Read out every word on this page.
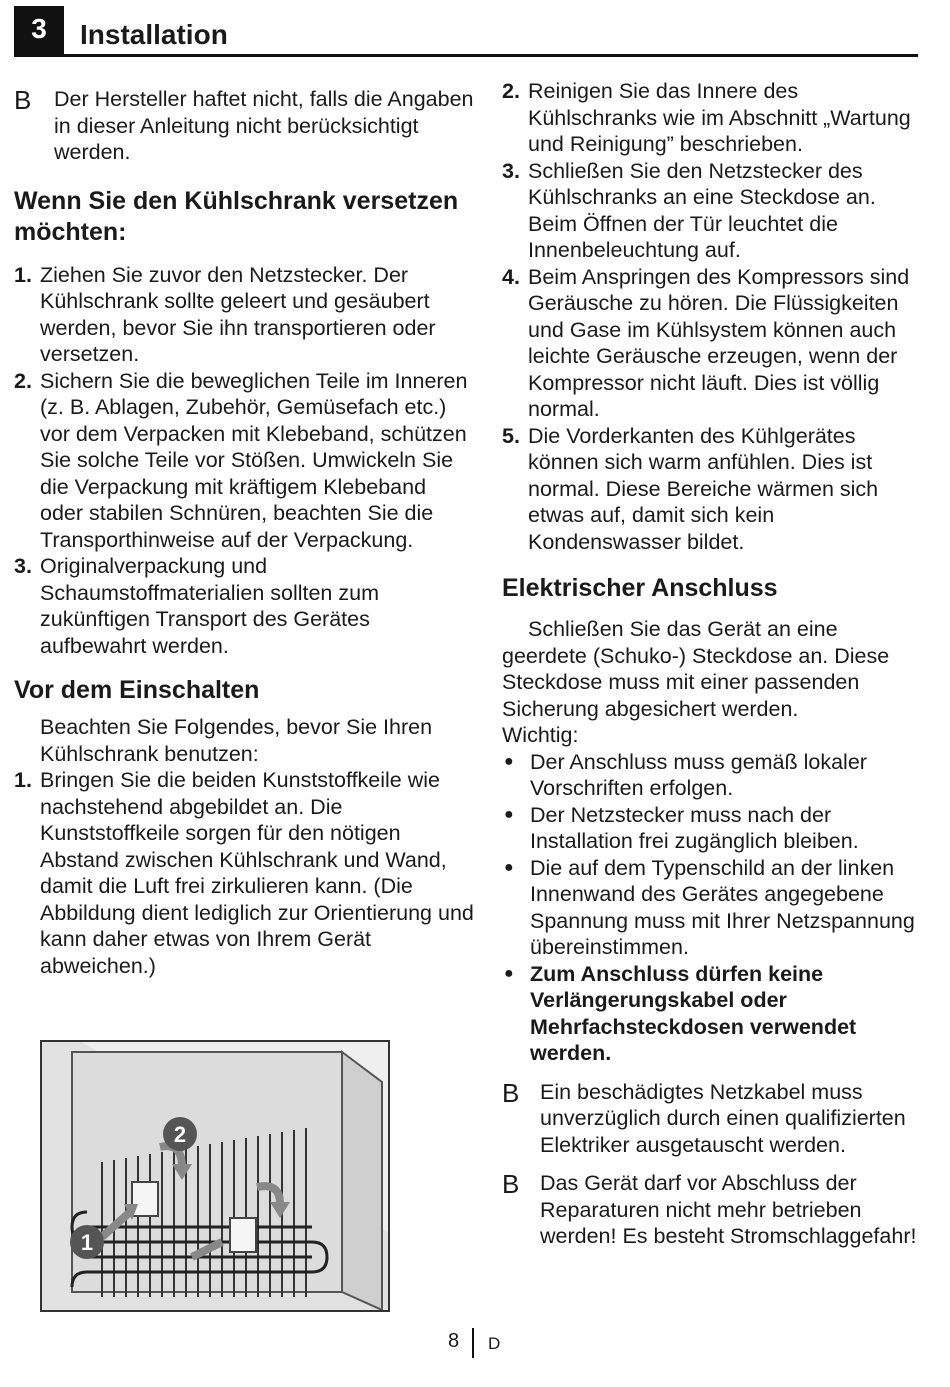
3	Installation
B	Der Hersteller haftet nicht, falls die Angaben in dieser Anleitung nicht berücksichtigt werden.

Wenn Sie den Kühlschrank versetzen möchten:
1. Ziehen Sie zuvor den Netzstecker. Der Kühlschrank sollte geleert und gesäubert werden, bevor Sie ihn transportieren oder versetzen.
2. Sichern Sie die beweglichen Teile im Inneren (z. B. Ablagen, Zubehör, Gemüsefach etc.) vor dem Verpacken mit Klebeband, schützen Sie solche Teile vor Stößen. Umwickeln Sie die Verpackung mit kräftigem Klebeband oder stabilen Schnüren, beachten Sie die Transporthinweise auf der Verpackung.
3. Originalverpackung und Schaumstoffmaterialien sollten zum zukünftigen Transport des Gerätes aufbewahrt werden.
Vor dem Einschalten

Beachten Sie Folgendes, bevor Sie Ihren Kühlschrank benutzen:

1. Bringen Sie die beiden Kunststoffkeile wie nachstehend abgebildet an. Die Kunststoffkeile sorgen für den nötigen Abstand zwischen Kühlschrank und Wand, damit die Luft frei zirkulieren kann. (Die Abbildung dient lediglich zur Orientierung und kann daher etwas von Ihrem Gerät abweichen.)
1
2
2. Reinigen Sie das Innere des Kühlschranks wie im Abschnitt „Wartung und Reinigung” beschrieben.
3. Schließen Sie den Netzstecker des Kühlschranks an eine Steckdose an. Beim Öffnen der Tür leuchtet die Innenbeleuchtung auf.
4. Beim Anspringen des Kompressors sind Geräusche zu hören. Die Flüssigkeiten und Gase im Kühlsystem können auch leichte Geräusche erzeugen, wenn der Kompressor nicht läuft. Dies ist völlig normal.
5. Die Vorderkanten des Kühlgerätes können sich warm anfühlen. Dies ist normal. Diese Bereiche wärmen sich etwas auf, damit sich kein Kondenswasser bildet.
Elektrischer Anschluss

Schließen Sie das Gerät an eine geerdete (Schuko-) Steckdose an. Diese Steckdose muss mit einer passenden Sicherung abgesichert werden.

Wichtig:

● Der Anschluss muss gemäß lokaler Vorschriften erfolgen.
● Der Netzstecker muss nach der Installation frei zugänglich bleiben.
● Die auf dem Typenschild an der linken Innenwand des Gerätes angegebene Spannung muss mit Ihrer Netzspannung übereinstimmen.
● Zum Anschluss dürfen keine Verlängerungskabel oder Mehrfachsteckdosen verwendet werden.
B Ein beschädigtes Netzkabel muss unverzüglich durch einen qualifizierten Elektriker ausgetauscht werden.
B Das Gerät darf vor Abschluss der Reparaturen nicht mehr betrieben werden! Es besteht Stromschlaggefahr!
8 D
